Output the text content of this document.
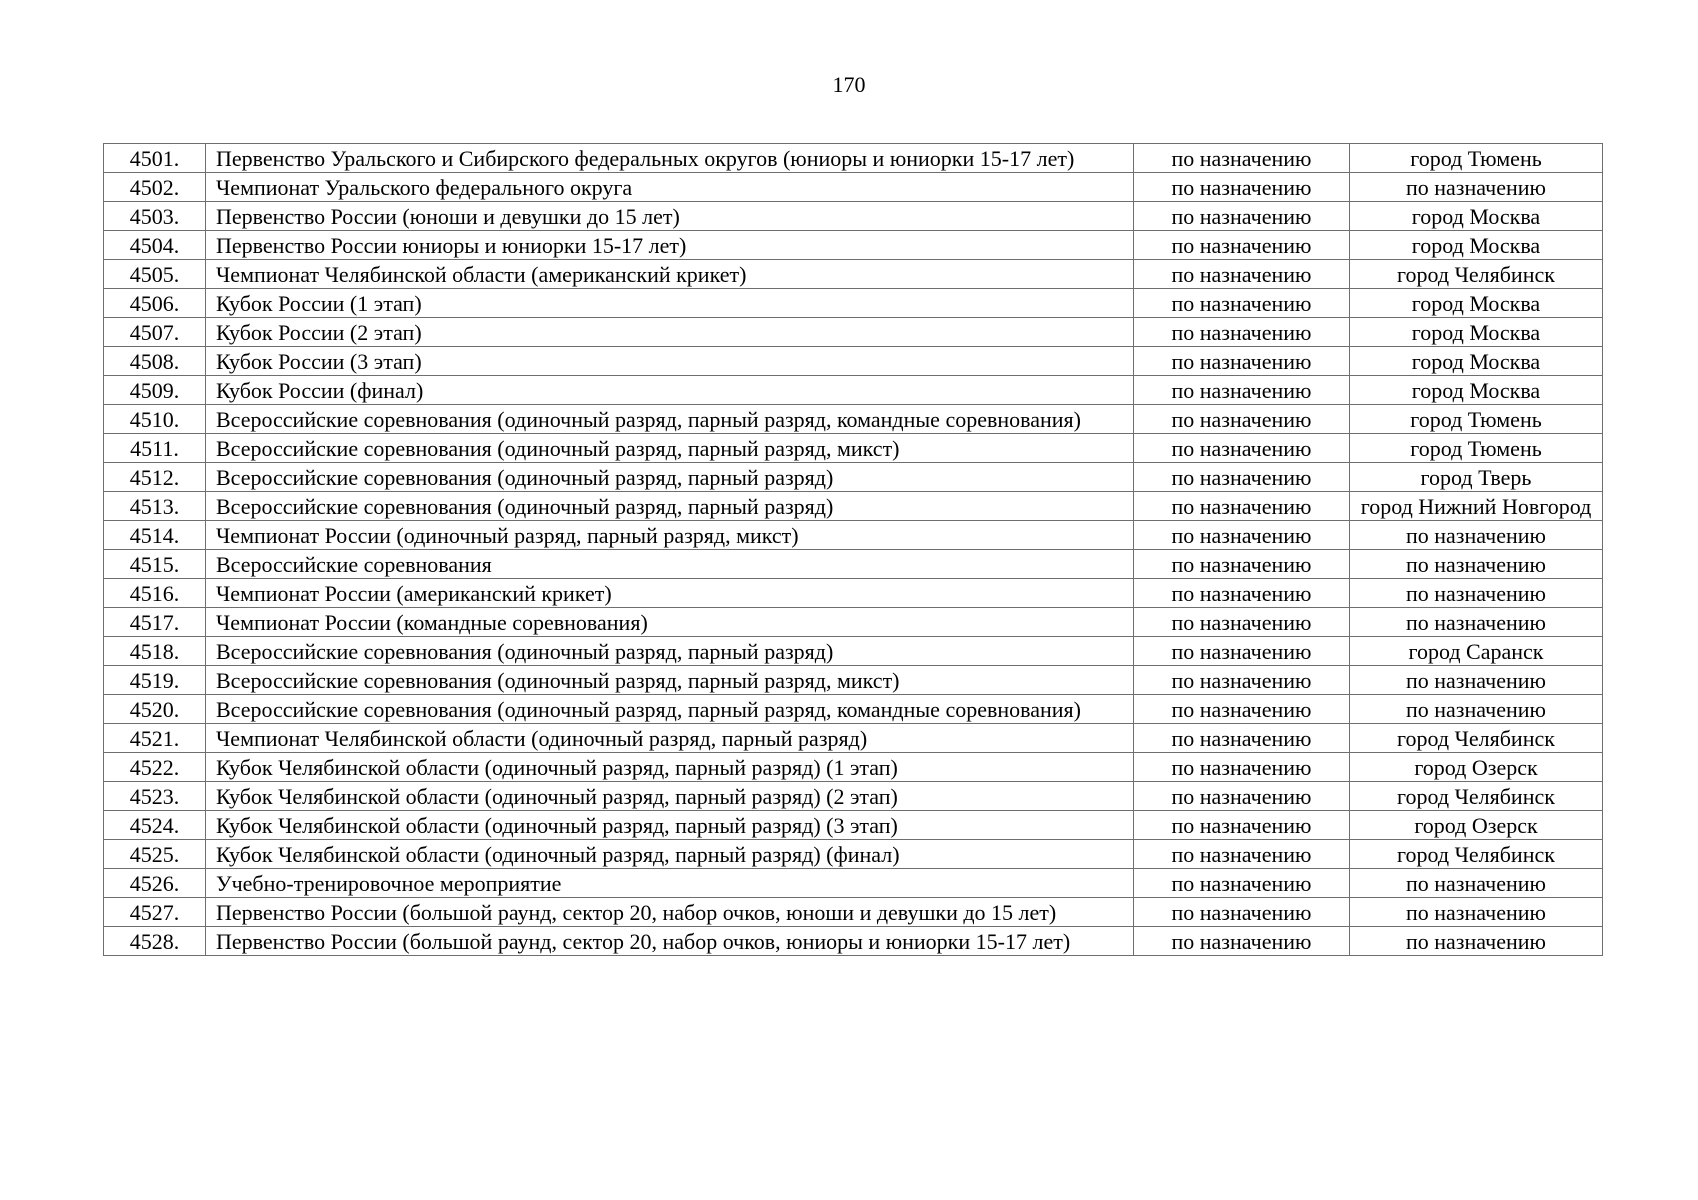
170
4501.	Первенство Уральского и Сибирского федеральных округов (юниоры и юниорки 15-17 лет)	по назначению	город Тюмень
4502.	Чемпионат Уральского федерального округа	по назначению	по назначению
4503.	Первенство России (юноши и девушки до 15 лет)	по назначению	город Москва
4504.	Первенство России юниоры и юниорки 15-17 лет)	по назначению	город Москва
4505.	Чемпионат Челябинской области (американский крикет)	по назначению	город Челябинск
4506.	Кубок России (1 этап)	по назначению	город Москва
4507.	Кубок России (2 этап)	по назначению	город Москва
4508.	Кубок России (3 этап)	по назначению	город Москва
4509.	Кубок России (финал)	по назначению	город Москва
4510.	Всероссийские соревнования (одиночный разряд, парный разряд, командные соревнования)	по назначению	город Тюмень
4511.	Всероссийские соревнования (одиночный разряд, парный разряд, микст)	по назначению	город Тюмень
4512.	Всероссийские соревнования (одиночный разряд, парный разряд)	по назначению	город Тверь
4513.	Всероссийские соревнования (одиночный разряд, парный разряд)	по назначению	город Нижний Новгород
4514.	Чемпионат России (одиночный разряд, парный разряд, микст)	по назначению	по назначению
4515.	Всероссийские соревнования	по назначению	по назначению
4516.	Чемпионат России (американский крикет)	по назначению	по назначению
4517.	Чемпионат России (командные соревнования)	по назначению	по назначению
4518.	Всероссийские соревнования (одиночный разряд, парный разряд)	по назначению	город Саранск
4519.	Всероссийские соревнования (одиночный разряд, парный разряд, микст)	по назначению	по назначению
4520.	Всероссийские соревнования (одиночный разряд, парный разряд, командные соревнования)	по назначению	по назначению
4521.	Чемпионат Челябинской области (одиночный разряд, парный разряд)	по назначению	город Челябинск
4522.	Кубок Челябинской области (одиночный разряд, парный разряд) (1 этап)	по назначению	город Озерск
4523.	Кубок Челябинской области (одиночный разряд, парный разряд) (2 этап)	по назначению	город Челябинск
4524.	Кубок Челябинской области (одиночный разряд, парный разряд) (3 этап)	по назначению	город Озерск
4525.	Кубок Челябинской области (одиночный разряд, парный разряд) (финал)	по назначению	город Челябинск
4526.	Учебно-тренировочное мероприятие	по назначению	по назначению
4527.	Первенство России (большой раунд, сектор 20, набор очков, юноши и девушки до 15 лет)	по назначению	по назначению
4528.	Первенство России (большой раунд, сектор 20, набор очков, юниоры и юниорки 15-17 лет)	по назначению	по назначению
